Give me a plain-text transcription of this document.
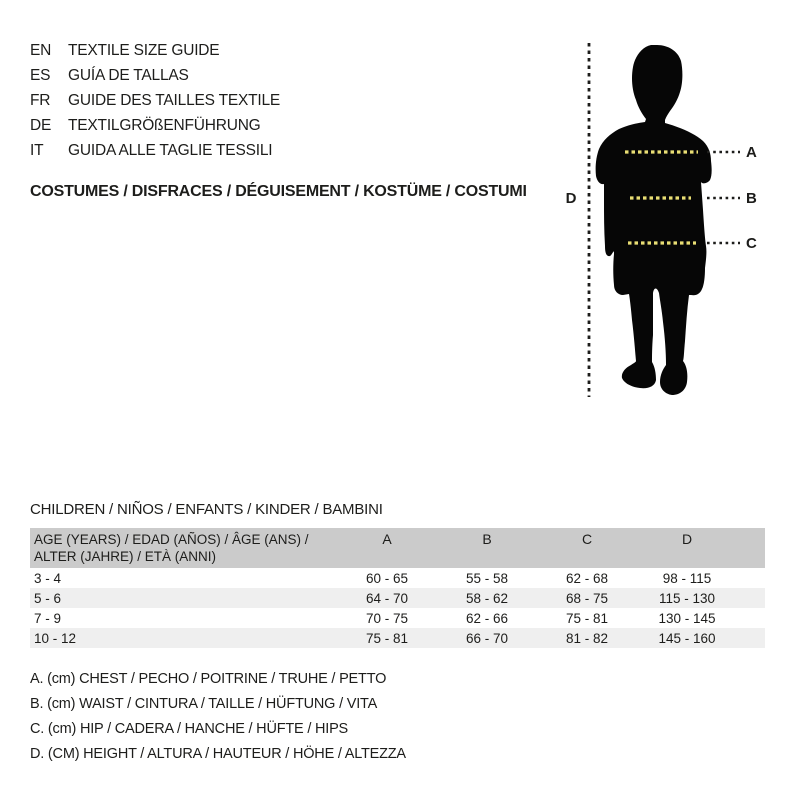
EN	TEXTILE SIZE GUIDE
ES	GUÍA DE TALLAS
FR	GUIDE DES TAILLES TEXTILE
DE	TEXTILGRÖßENFÜHRUNG
IT	GUIDA ALLE TAGLIE TESSILI
COSTUMES / DISFRACES / DÉGUISEMENT / KOSTÜME / COSTUMI
A
B
C
D
CHILDREN / NIÑOS / ENFANTS / KINDER / BAMBINI
AGE (YEARS) / EDAD (AÑOS) / ÂGE (ANS) /
ALTER (JAHRE) / ETÀ (ANNI)
A	B	C	D
3 - 4	60 - 65	55 - 58	62 - 68	98 - 115
5 - 6	64 - 70	58 - 62	68 - 75	115 - 130
7 - 9	70 - 75	62 - 66	75 - 81	130 - 145
10 - 12	75 - 81	66 - 70	81 - 82	145 - 160
A. (cm) CHEST / PECHO / POITRINE / TRUHE / PETTO
B. (cm) WAIST / CINTURA / TAILLE / HÜFTUNG / VITA
C. (cm) HIP / CADERA / HANCHE / HÜFTE / HIPS
D. (CM) HEIGHT / ALTURA / HAUTEUR / HÖHE / ALTEZZA
